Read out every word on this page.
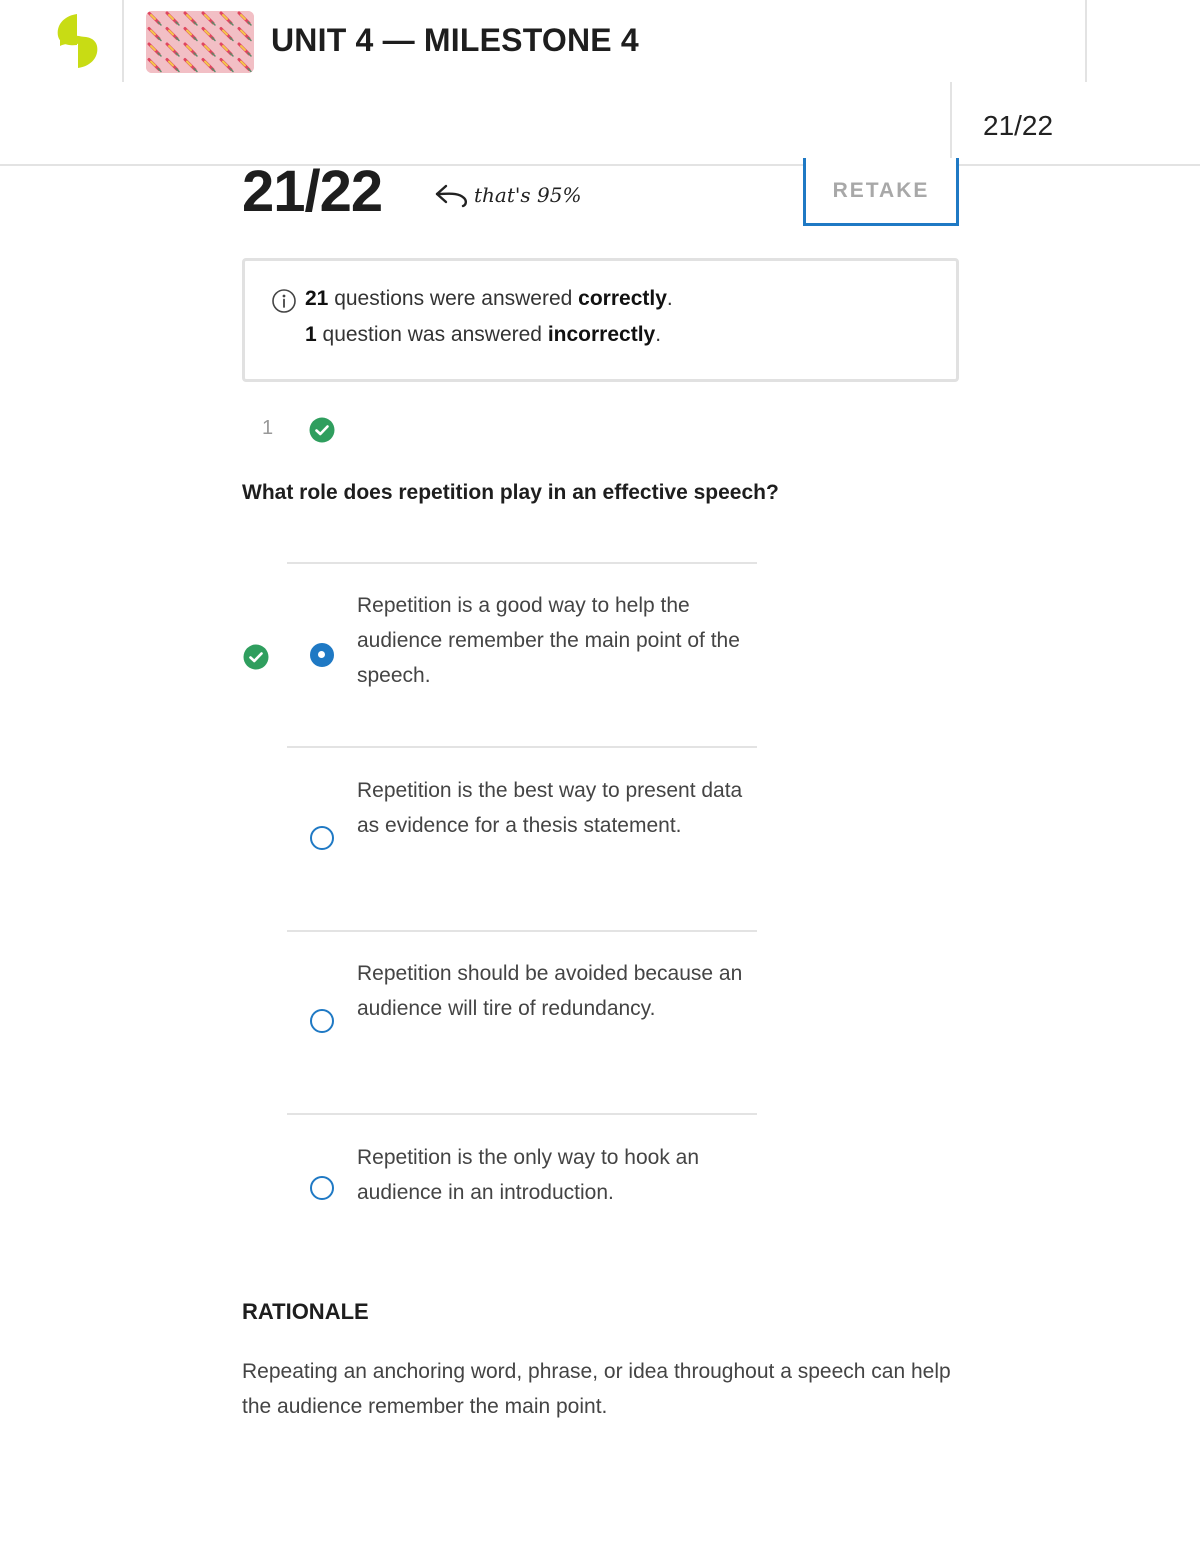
UNIT 4 — MILESTONE 4
21/22
21/22	that's 95%	RETAKE
21 questions were answered correctly.
1 question was answered incorrectly.
1
What role does repetition play in an effective speech?
Repetition is a good way to help the audience remember the main point of the speech.
Repetition is the best way to present data as evidence for a thesis statement.
Repetition should be avoided because an audience will tire of redundancy.
Repetition is the only way to hook an audience in an introduction.
RATIONALE
Repeating an anchoring word, phrase, or idea throughout a speech can help the audience remember the main point.
